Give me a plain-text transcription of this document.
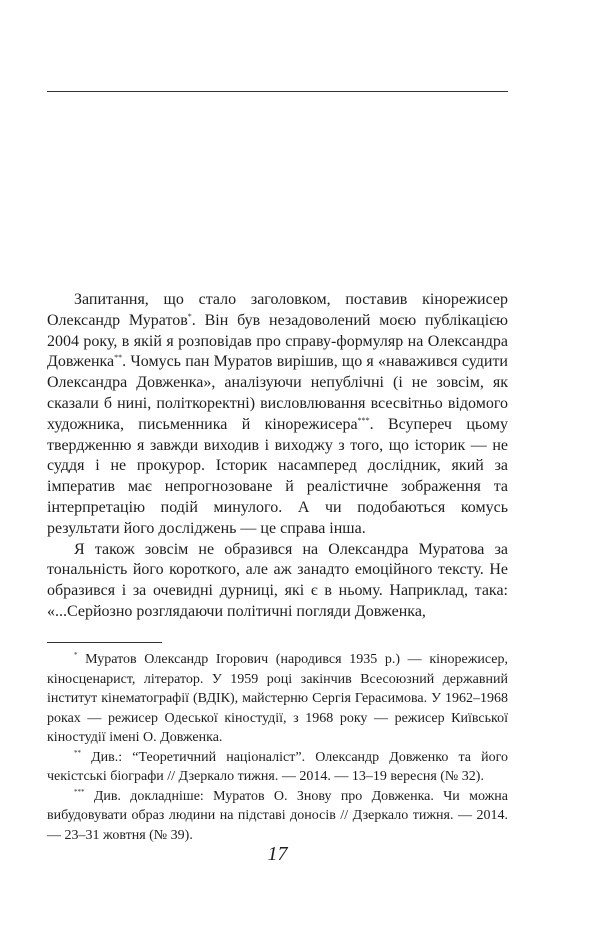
Запитання, що стало заголовком, поставив кінорежисер Олександр Муратов*. Він був незадоволений моєю публікацією 2004 року, в якій я розповідав про справу-формуляр на Олександра Довженка**. Чомусь пан Муратов вирішив, що я «наважився судити Олександра Довженка», аналізуючи непублічні (і не зовсім, як сказали б нині, політкоректні) висловлювання всесвітньо відомого художника, письменника й кінорежисера***. Всупереч цьому твердженню я завжди виходив і виходжу з того, що історик — не суддя і не прокурор. Історик насамперед дослідник, який за імператив має непрогнозоване й реалістичне зображення та інтерпретацію подій минулого. А чи подобаються комусь результати його досліджень — це справа інша.

Я також зовсім не образився на Олександра Муратова за тональність його короткого, але аж занадто емоційного тексту. Не образився і за очевидні дурниці, які є в ньому. Наприклад, така: «...Серйозно розглядаючи політичні погляди Довженка,

* Муратов Олександр Ігорович (народився 1935 р.) — кінорежисер, кіносценарист, літератор. У 1959 році закінчив Всесоюзний державний інститут кінематографії (ВДІК), майстерню Сергія Герасимова. У 1962–1968 роках — режисер Одеської кіностудії, з 1968 року — режисер Київської кіностудії імені О. Довженка.

** Див.: “Теоретичний націоналіст”. Олександр Довженко та його чекістські біографи // Дзеркало тижня. — 2014. — 13–19 вересня (№ 32).

*** Див. докладніше: Муратов О. Знову про Довженка. Чи можна вибудовувати образ людини на підставі доносів // Дзеркало тижня. — 2014. — 23–31 жовтня (№ 39).

17
